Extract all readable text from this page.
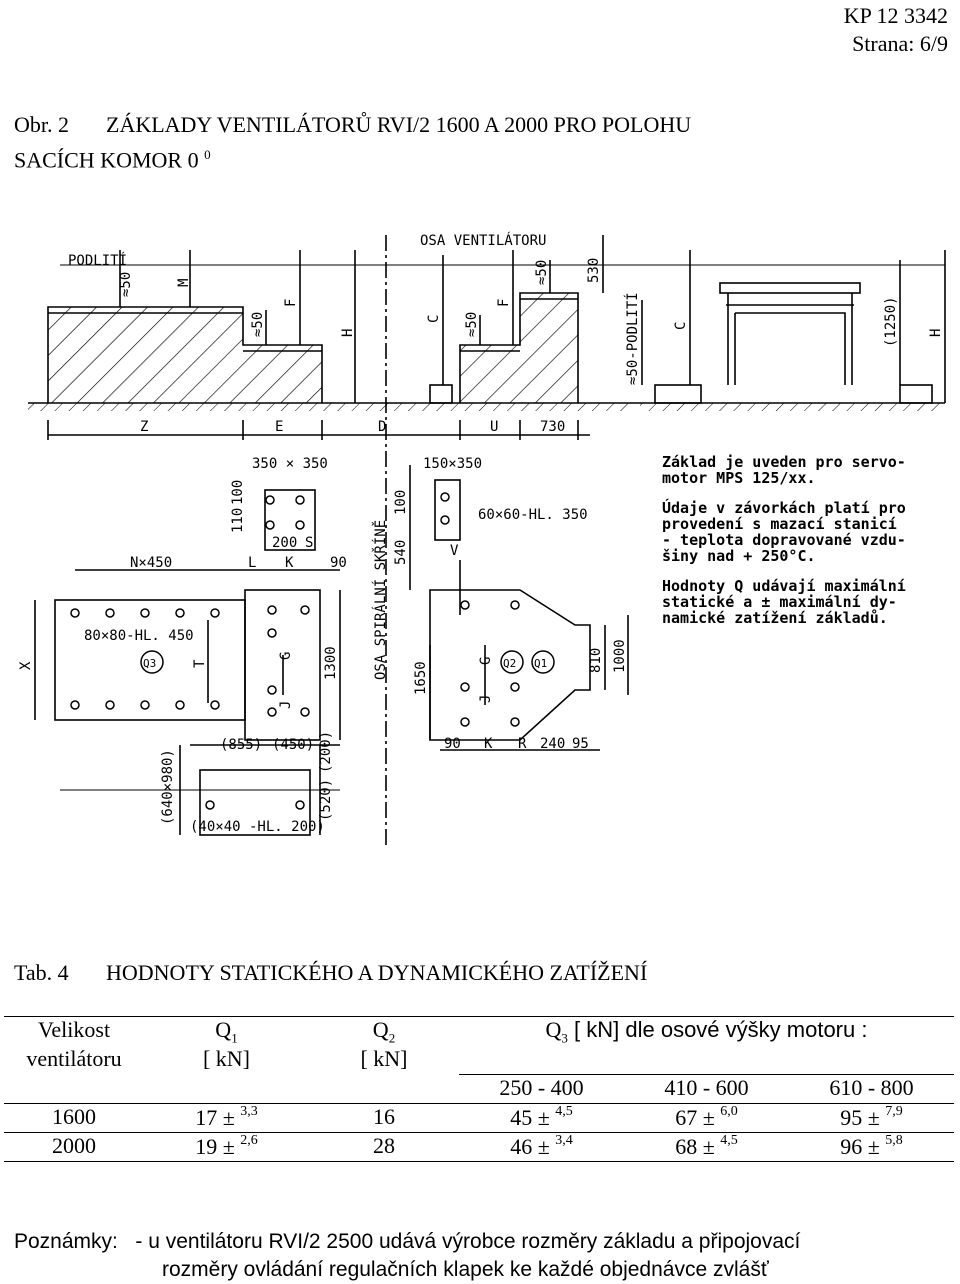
KP 12 3342
Strana: 6/9
Obr. 2 ZÁKLADY VENTILÁTORŮ RVI/2 1600 A 2000 PRO POLOHU
SACÍCH KOMOR 0 $^0$
PODLITÍ
OSA VENTILÁTORU
≈50	M
≈50
F
H
C ≈50
F
≈50	530
≈50-PODLITÍ C	(1250) H
Z	E	D	U	730
350 × 350	150×350
110
100
200 S	OSA SPIRÁLNÍ SKŘÍNĚ
N×450	L K	90
80×80-HL. 450
60×60-HL. 350
X	T
G
J
1300
540
100
V
1650
G
J
810 1000
90 K R 240 95
Q3	Q2 Q1
(855) (450) (200)
(640×980)	(520)
(40×40 -HL. 200)
Základ je uveden pro servo-
motor MPS 125/xx.
Údaje v závorkách platí pro
provedení s mazací stanicí
- teplota dopravované vzdu-
šiny nad + 250°C.
Hodnoty Q udávají maximální
statické a ± maximální dy-
namické zatížení základů.
Tab. 4 HODNOTY STATICKÉHO A DYNAMICKÉHO ZATÍŽENÍ
Velikost	$Q_1$	$Q_2$	$Q_3$ [ kN] dle osové výšky motoru :		
ventilátoru	[ kN]	[ kN]			
			250 - 400	410 - 600	610 - 800
1600	17 ± $^{3,3}$	16	45 ± $^{4,5}$	67 ± $^{6,0}$	95 ± $^{7,9}$
2000	19 ± $^{2,6}$	28	46 ± $^{3,4}$	68 ± $^{4,5}$	96 ± $^{5,8}$
Poznámky: - u ventilátoru RVI/2 2500 udává výrobce rozměry základu a připojovací
rozměry ovládání regulačních klapek ke každé objednávce zvlášť
